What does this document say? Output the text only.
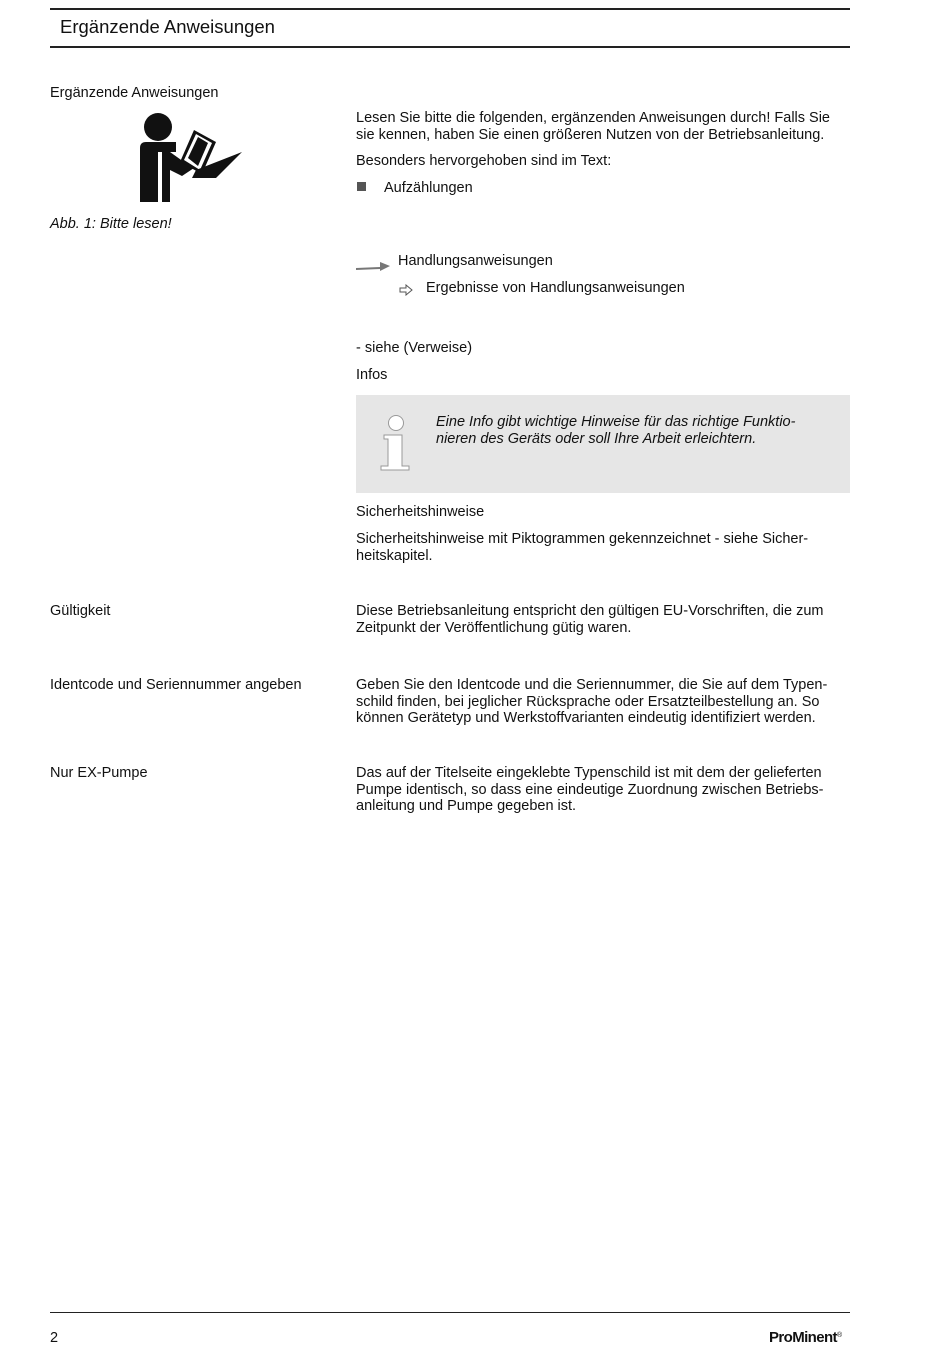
Ergänzende Anweisungen
Ergänzende Anweisungen
Abb. 1: Bitte lesen!
Lesen Sie bitte die folgenden, ergänzenden Anweisungen durch! Falls Sie
sie kennen, haben Sie einen größeren Nutzen von der Betriebsanleitung.
Besonders hervorgehoben sind im Text:
Aufzählungen
Handlungsanweisungen
Ergebnisse von Handlungsanweisungen
- siehe (Verweise)
Infos
Eine Info gibt wichtige Hinweise für das richtige Funktio-
nieren des Geräts oder soll Ihre Arbeit erleichtern.
Sicherheitshinweise
Sicherheitshinweise mit Piktogrammen gekennzeichnet - siehe Sicher-
heitskapitel.
Gültigkeit	Diese Betriebsanleitung entspricht den gültigen EU-Vorschriften, die zum
Zeitpunkt der Veröffentlichung gütig waren.
Identcode und Seriennummer angeben	Geben Sie den Identcode und die Seriennummer, die Sie auf dem Typen-
schild finden, bei jeglicher Rücksprache oder Ersatzteilbestellung an. So
können Gerätetyp und Werkstoffvarianten eindeutig identifiziert werden.
Nur EX-Pumpe	Das auf der Titelseite eingeklebte Typenschild ist mit dem der gelieferten
Pumpe identisch, so dass eine eindeutige Zuordnung zwischen Betriebs-
anleitung und Pumpe gegeben ist.
2	ProMinent®
